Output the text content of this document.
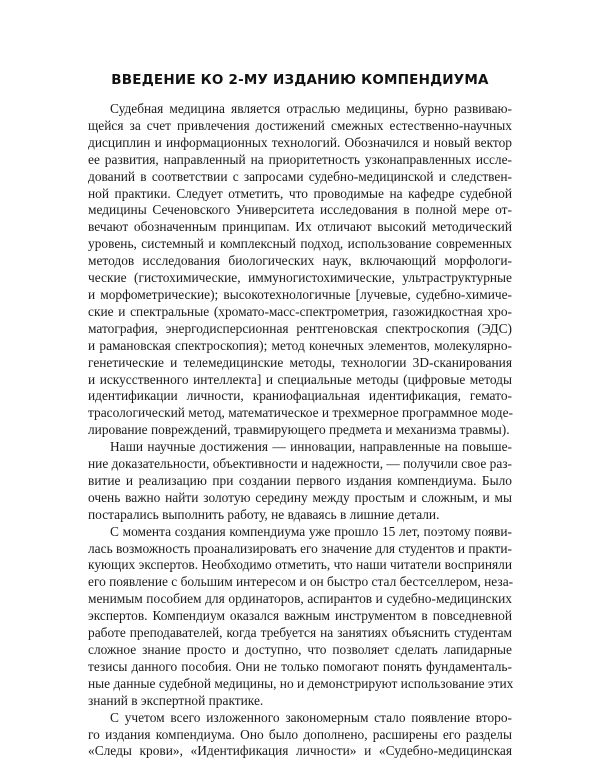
ВВЕДЕНИЕ КО 2-МУ ИЗДАНИЮ КОМПЕНДИУМА
Судебная медицина является отраслью медицины, бурно развиваю-
щейся за счет привлечения достижений смежных естественно-научных
дисциплин и информационных технологий. Обозначился и новый вектор
ее развития, направленный на приоритетность узконаправленных иссле-
дований в соответствии с запросами судебно-медицинской и следствен-
ной практики. Следует отметить, что проводимые на кафедре судебной
медицины Сеченовского Университета исследования в полной мере от-
вечают обозначенным принципам. Их отличают высокий методический
уровень, системный и комплексный подход, использование современных
методов исследования биологических наук, включающий морфологи-
ческие (гистохимические, иммуногистохимические, ультраструктурные
и морфометрические); высокотехнологичные [лучевые, судебно-химиче-
ские и спектральные (хромато-масс-спектрометрия, газожидкостная хро-
матография, энергодисперсионная рентгеновская спектроскопия (ЭДС)
и рамановская спектроскопия); метод конечных элементов, молекулярно-
генетические и телемедицинские методы, технологии 3D-сканирования
и искусственного интеллекта] и специальные методы (цифровые методы
идентификации личности, краниофациальная идентификация, гемато-
трасологический метод, математическое и трехмерное программное моде-
лирование повреждений, травмирующего предмета и механизма травмы).
Наши научные достижения — инновации, направленные на повыше-
ние доказательности, объективности и надежности, — получили свое раз-
витие и реализацию при создании первого издания компендиума. Было
очень важно найти золотую середину между простым и сложным, и мы
постарались выполнить работу, не вдаваясь в лишние детали.
С момента создания компендиума уже прошло 15 лет, поэтому появи-
лась возможность проанализировать его значение для студентов и практи-
кующих экспертов. Необходимо отметить, что наши читатели восприняли
его появление с большим интересом и он быстро стал бестселлером, неза-
менимым пособием для ординаторов, аспирантов и судебно-медицинских
экспертов. Компендиум оказался важным инструментом в повседневной
работе преподавателей, когда требуется на занятиях объяснить студентам
сложное знание просто и доступно, что позволяет сделать лапидарные
тезисы данного пособия. Они не только помогают понять фундаменталь-
ные данные судебной медицины, но и демонстрируют использование этих
знаний в экспертной практике.
С учетом всего изложенного закономерным стало появление второ-
го издания компендиума. Оно было дополнено, расширены его разделы
«Следы крови», «Идентификация личности» и «Судебно-медицинская
